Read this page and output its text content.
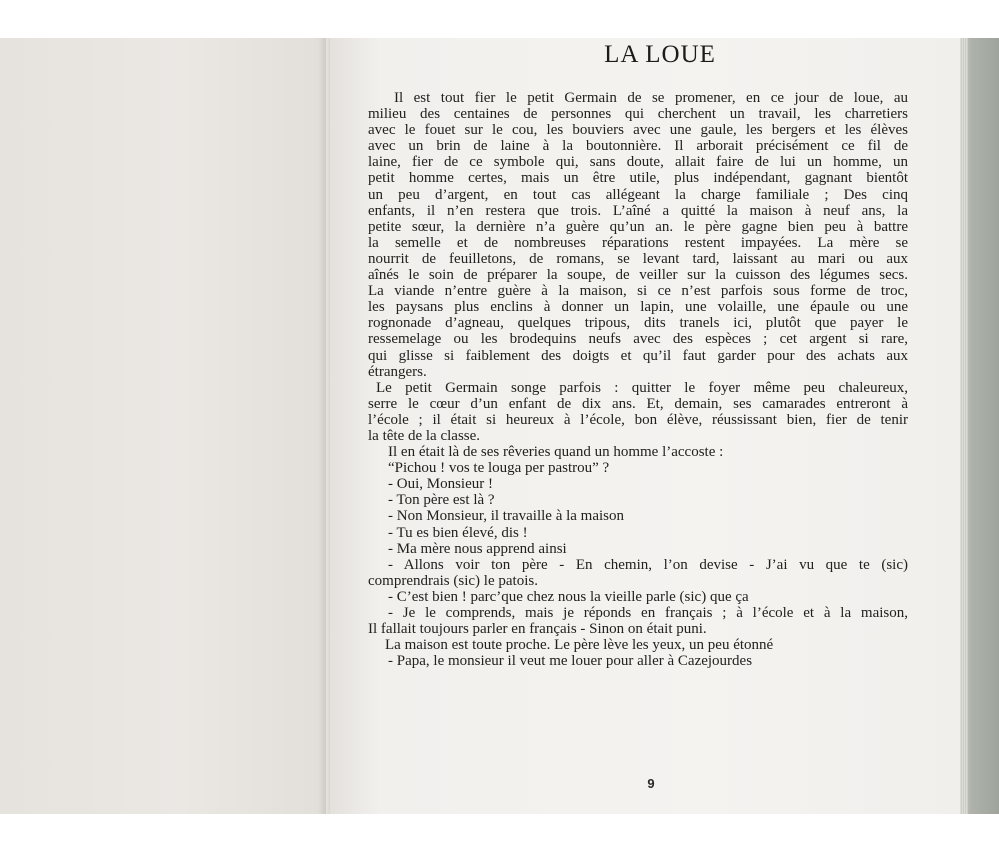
LA LOUE
Il est tout fier le petit Germain de se promener, en ce jour de loue, au
milieu des centaines de personnes qui cherchent un travail, les charretiers
avec le fouet sur le cou, les bouviers avec une gaule, les bergers et les élèves
avec un brin de laine à la boutonnière. Il arborait précisément ce fil de
laine, fier de ce symbole qui, sans doute, allait faire de lui un homme, un
petit homme certes, mais un être utile, plus indépendant, gagnant bientôt
un peu d’argent, en tout cas allégeant la charge familiale ; Des cinq
enfants, il n’en restera que trois. L’aîné a quitté la maison à neuf ans, la
petite sœur, la dernière n’a guère qu’un an. le père gagne bien peu à battre
la semelle et de nombreuses réparations restent impayées. La mère se
nourrit de feuilletons, de romans, se levant tard, laissant au mari ou aux
aînés le soin de préparer la soupe, de veiller sur la cuisson des légumes secs.
La viande n’entre guère à la maison, si ce n’est parfois sous forme de troc,
les paysans plus enclins à donner un lapin, une volaille, une épaule ou une
rognonade d’agneau, quelques tripous, dits tranels ici, plutôt que payer le
ressemelage ou les brodequins neufs avec des espèces ; cet argent si rare,
qui glisse si faiblement des doigts et qu’il faut garder pour des achats aux
étrangers.
Le petit Germain songe parfois : quitter le foyer même peu chaleureux,
serre le cœur d’un enfant de dix ans. Et, demain, ses camarades entreront à
l’école ; il était si heureux à l’école, bon élève, réussissant bien, fier de tenir
la tête de la classe.
Il en était là de ses rêveries quand un homme l’accoste :
“Pichou ! vos te louga per pastrou” ?
- Oui, Monsieur !
- Ton père est là ?
- Non Monsieur, il travaille à la maison
- Tu es bien élevé, dis !
- Ma mère nous apprend ainsi
- Allons voir ton père - En chemin, l’on devise - J’ai vu que te (sic)
comprendrais (sic) le patois.
- C’est bien ! parc’que chez nous la vieille parle (sic) que ça
- Je le comprends, mais je réponds en français ; à l’école et à la maison,
Il fallait toujours parler en français - Sinon on était puni.
La maison est toute proche. Le père lève les yeux, un peu étonné
- Papa, le monsieur il veut me louer pour aller à Cazejourdes
9
